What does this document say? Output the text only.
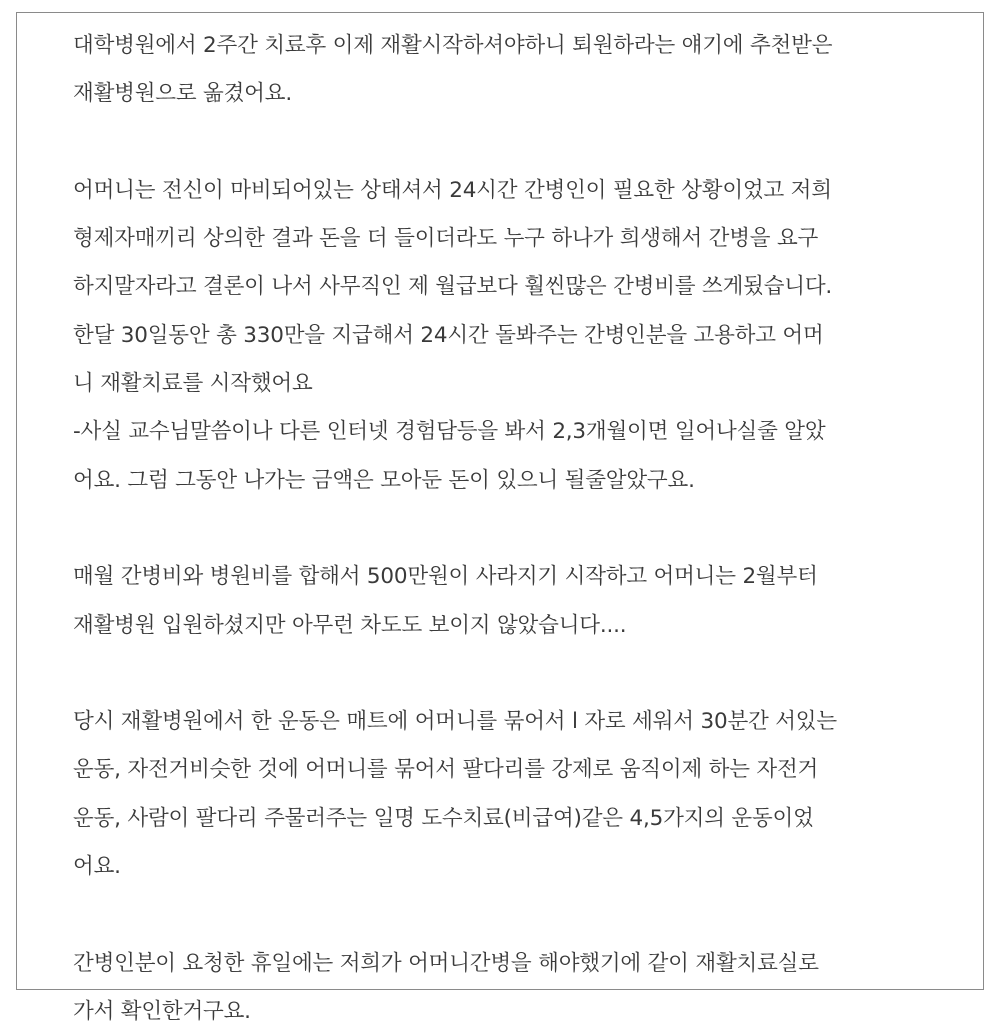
대학병원에서 2주간 치료후 이제 재활시작하셔야하니 퇴원하라는 얘기에 추천받은
재활병원으로 옮겼어요.
어머니는 전신이 마비되어있는 상태셔서 24시간 간병인이 필요한 상황이었고 저희
형제자매끼리 상의한 결과 돈을 더 들이더라도 누구 하나가 희생해서 간병을 요구
하지말자라고 결론이 나서 사무직인 제 월급보다 훨씬많은 간병비를 쓰게됬습니다.
한달 30일동안 총 330만을 지급해서 24시간 돌봐주는 간병인분을 고용하고 어머
니 재활치료를 시작했어요
-사실 교수님말씀이나 다른 인터넷 경험담등을 봐서 2,3개월이면 일어나실줄 알았
어요. 그럼 그동안 나가는 금액은 모아둔 돈이 있으니 될줄알았구요.
매월 간병비와 병원비를 합해서 500만원이 사라지기 시작하고 어머니는 2월부터
재활병원 입원하셨지만 아무런 차도도 보이지 않았습니다....
당시 재활병원에서 한 운동은 매트에 어머니를 묶어서 l 자로 세워서 30분간 서있는
운동, 자전거비슷한 것에 어머니를 묶어서 팔다리를 강제로 움직이제 하는 자전거
운동, 사람이 팔다리 주물러주는 일명 도수치료(비급여)같은 4,5가지의 운동이었
어요.
간병인분이 요청한 휴일에는 저희가 어머니간병을 해야했기에 같이 재활치료실로
가서 확인한거구요.
